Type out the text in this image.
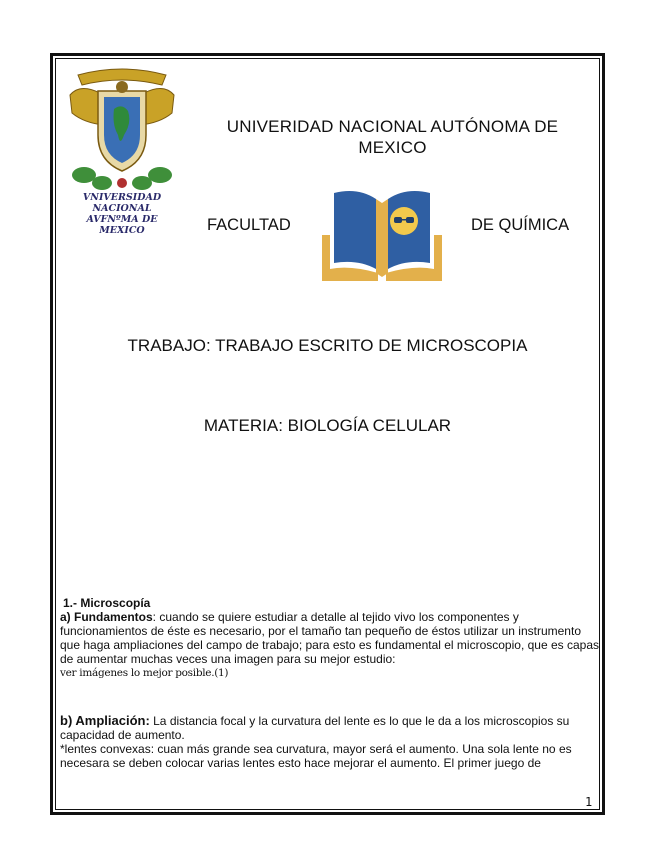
VNIVERSIDAD NACIONAL
AVFNºMA DE
MEXICO
UNIVERIDAD NACIONAL AUTÓNOMA DE MEXICO
FACULTAD	DE QUÍMICA
TRABAJO: TRABAJO ESCRITO DE MICROSCOPIA
MATERIA: BIOLOGÍA CELULAR
1.- Microscopía

a) Fundamentos: cuando se quiere estudiar a detalle al tejido vivo los componentes y funcionamientos de éste es necesario, por el tamaño tan pequeño de éstos utilizar un instrumento que haga ampliaciones del campo de trabajo; para esto es fundamental el microscopio, que es capas de aumentar muchas veces una imagen para su mejor estudio:

ver imágenes lo mejor posible.(1)

b) Ampliación: La distancia focal y la curvatura del lente es lo que le da a los microscopios su capacidad de aumento.

*lentes convexas: cuan más grande sea curvatura, mayor será el aumento. Una sola lente no es necesara se deben colocar varias lentes esto hace mejorar el aumento. El primer juego de

1
